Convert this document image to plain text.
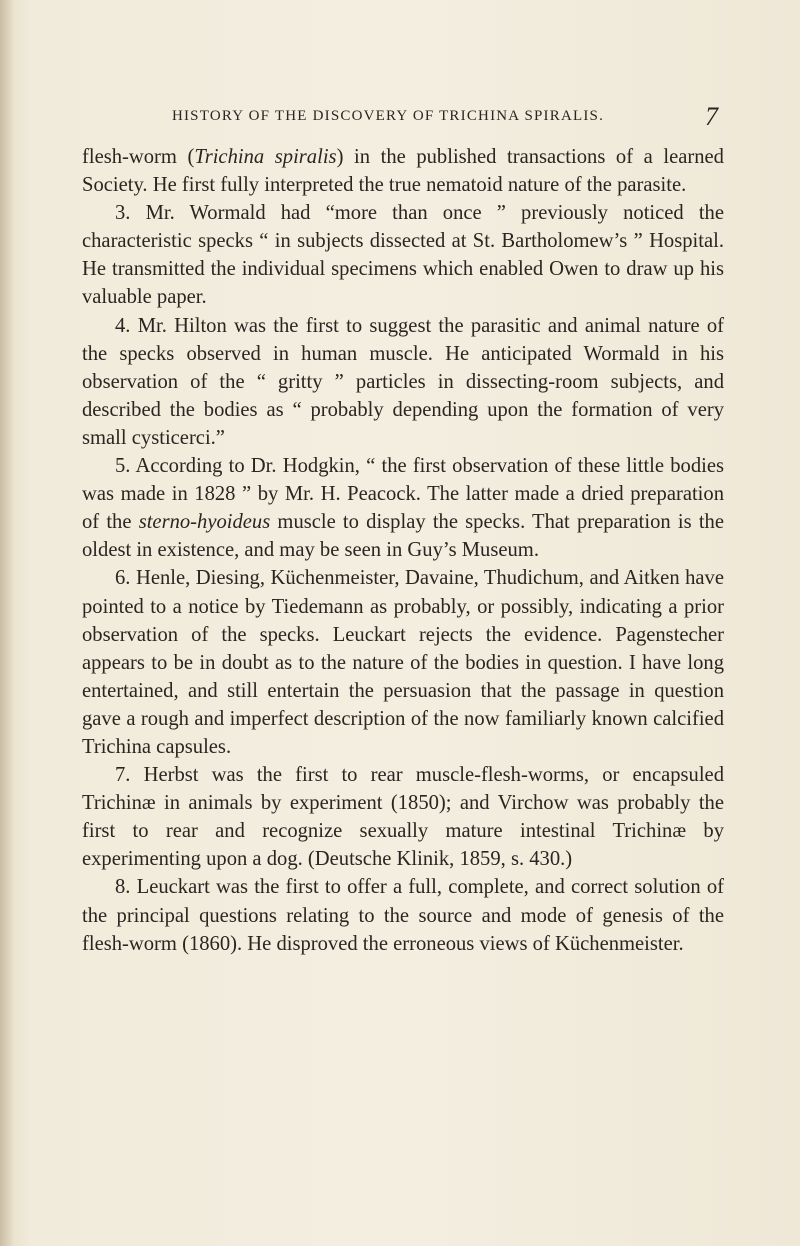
HISTORY OF THE DISCOVERY OF TRICHINA SPIRALIS.	7

flesh-worm (Trichina spiralis) in the published transactions of a learned Society. He first fully interpreted the true nematoid nature of the parasite.

3. Mr. Wormald had “more than once ” previously noticed the characteristic specks “ in subjects dissected at St. Bartholomew’s ” Hospital. He transmitted the individual specimens which enabled Owen to draw up his valuable paper.

4. Mr. Hilton was the first to suggest the parasitic and animal nature of the specks observed in human muscle. He anticipated Wormald in his observation of the “ gritty ” particles in dissecting-room subjects, and described the bodies as “ probably depending upon the formation of very small cysticerci.”

5. According to Dr. Hodgkin, “ the first observation of these little bodies was made in 1828 ” by Mr. H. Peacock. The latter made a dried preparation of the sterno-hyoideus muscle to display the specks. That preparation is the oldest in existence, and may be seen in Guy’s Museum.

6. Henle, Diesing, Küchenmeister, Davaine, Thudichum, and Aitken have pointed to a notice by Tiedemann as probably, or possibly, indicating a prior observation of the specks. Leuckart rejects the evidence. Pagenstecher appears to be in doubt as to the nature of the bodies in question. I have long entertained, and still entertain the persuasion that the passage in question gave a rough and imperfect description of the now familiarly known calcified Trichina capsules.

7. Herbst was the first to rear muscle-flesh-worms, or encapsuled Trichinæ in animals by experiment (1850); and Virchow was probably the first to rear and recognize sexually mature intestinal Trichinæ by experimenting upon a dog. (Deutsche Klinik, 1859, s. 430.)

8. Leuckart was the first to offer a full, complete, and correct solution of the principal questions relating to the source and mode of genesis of the flesh-worm (1860). He disproved the erroneous views of Küchenmeister.
